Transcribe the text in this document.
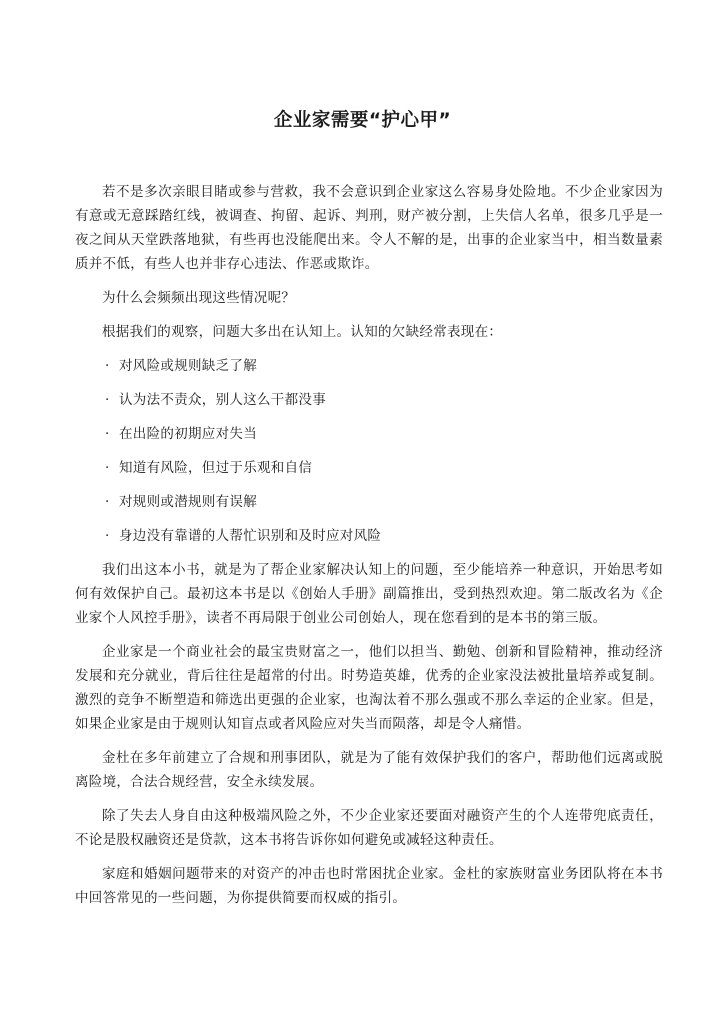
企业家需要“护心甲”

若不是多次亲眼目睹或参与营救，我不会意识到企业家这么容易身处险地。不少企业家因为有意或无意踩踏红线，被调查、拘留、起诉、判刑，财产被分割，上失信人名单，很多几乎是一夜之间从天堂跌落地狱，有些再也没能爬出来。令人不解的是，出事的企业家当中，相当数量素质并不低，有些人也并非存心违法、作恶或欺诈。

为什么会频频出现这些情况呢？

根据我们的观察，问题大多出在认知上。认知的欠缺经常表现在：

· 对风险或规则缺乏了解
· 认为法不责众，别人这么干都没事
· 在出险的初期应对失当
· 知道有风险，但过于乐观和自信
· 对规则或潜规则有误解
· 身边没有靠谱的人帮忙识别和及时应对风险

我们出这本小书，就是为了帮企业家解决认知上的问题，至少能培养一种意识，开始思考如何有效保护自己。最初这本书是以《创始人手册》副篇推出，受到热烈欢迎。第二版改名为《企业家个人风控手册》，读者不再局限于创业公司创始人，现在您看到的是本书的第三版。

企业家是一个商业社会的最宝贵财富之一，他们以担当、勤勉、创新和冒险精神，推动经济发展和充分就业，背后往往是超常的付出。时势造英雄，优秀的企业家没法被批量培养或复制。激烈的竞争不断塑造和筛选出更强的企业家，也淘汰着不那么强或不那么幸运的企业家。但是，如果企业家是由于规则认知盲点或者风险应对失当而陨落，却是令人痛惜。

金杜在多年前建立了合规和刑事团队，就是为了能有效保护我们的客户，帮助他们远离或脱离险境，合法合规经营，安全永续发展。

除了失去人身自由这种极端风险之外，不少企业家还要面对融资产生的个人连带兜底责任，不论是股权融资还是贷款，这本书将告诉你如何避免或减轻这种责任。

家庭和婚姻问题带来的对资产的冲击也时常困扰企业家。金杜的家族财富业务团队将在本书中回答常见的一些问题，为你提供简要而权威的指引。
